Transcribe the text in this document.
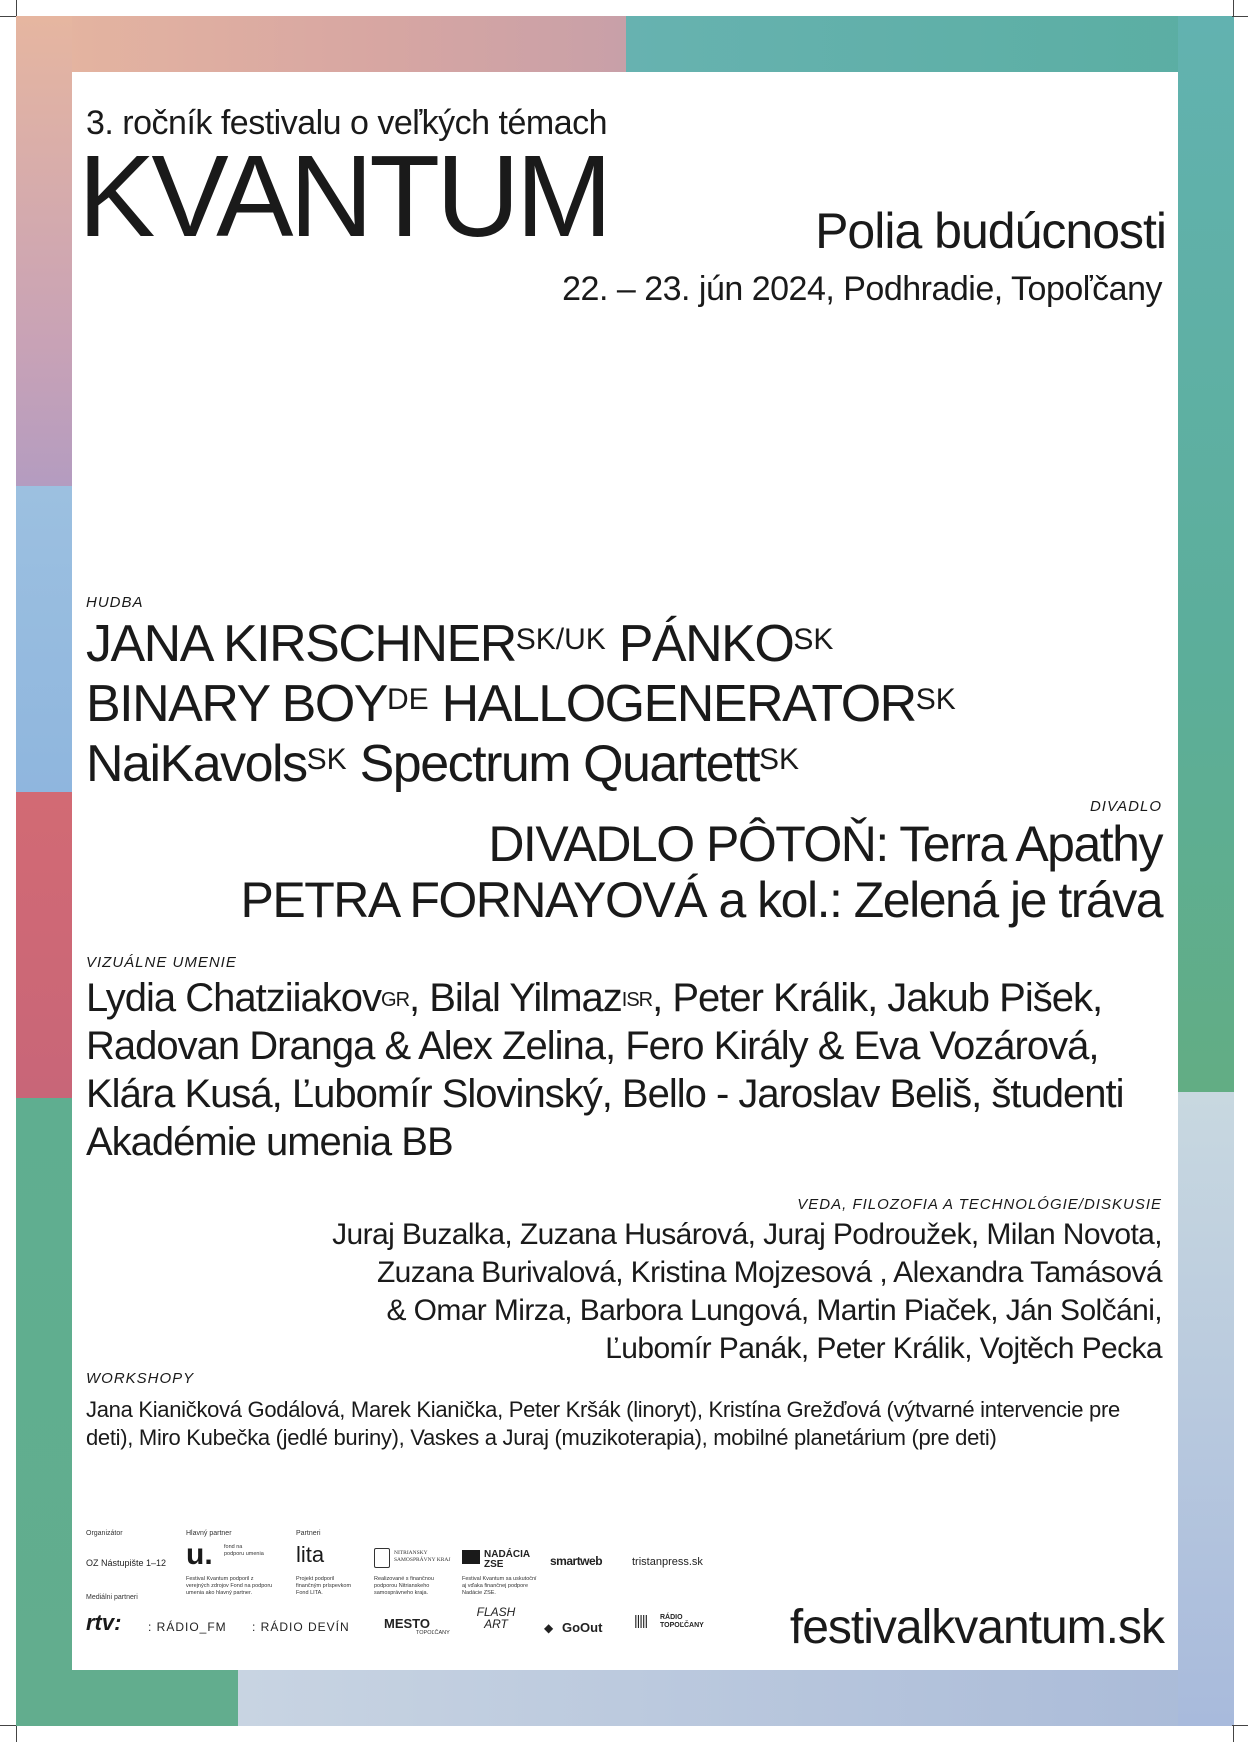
3. ročník festivalu o veľkých témach
KVANTUM	Polia budúcnosti
22. – 23. jún 2024, Podhradie, Topoľčany
HUDBA
JANA $KIRSCHNER^{SK/UK}$ $PÁNKO^{SK}$
BINARY $BOY^{DE}$ $HALLOGENERATOR^{SK}$
NaiKavols$^{SK}$ Spectrum Quartett$^{SK}$
DIVADLO
DIVADLO PÔTOŇ: Terra Apathy
PETRA FORNAYOVÁ a kol.: Zelená je tráva
VIZUÁLNE UMENIE
Lydia Chatziiakov$^{GR}$, Bilal Yilmaz$^{ISR}$, Peter Králik, Jakub Pišek, Radovan Dranga & Alex Zelina, Fero Király & Eva Vozárová, Klára Kusá, Ľubomír Slovinský, Bello - Jaroslav Beliš, študenti Akadémie umenia BB
VEDA, FILOZOFIA A TECHNOLÓGIE/DISKUSIE
Juraj Buzalka, Zuzana Husárová, Juraj Podroužek, Milan Novota,
Zuzana Burivalová, Kristina Mojzesová , Alexandra Tamásová
& Omar Mirza, Barbora Lungová, Martin Piaček, Ján Solčáni,
Ľubomír Panák, Peter Králik, Vojtěch Pecka
WORKSHOPY
Jana Kianičková Godálová, Marek Kianička, Peter Kršák (linoryt), Kristína Grežďová (výtvarné intervencie pre deti), Miro Kubečka (jedlé buriny), Vaskes a Juraj (muzikoterapia), mobilné planetárium (pre deti)
Organizátor
OZ Nástupište 1–12
Hlavný partner
u. fond na podporu umenia
Festival Kvantum podporil z verejných zdrojov Fond na podporu umenia ako hlavný partner.
Partneri
lita
Projekt podporil finančným príspevkom Fond LITA.
NITRIANSKY SAMOSPRÁVNY KRAJ
Realizované s finančnou podporou Nitrianskeho samosprávneho kraja.
NADÁCIA ZSE
Festival Kvantum sa uskutoční aj vďaka finančnej podpore Nadácie ZSE.
smartweb	tristanpress.sk
Mediálni partneri
rtv: : RÁDIO_FM : RÁDIO DEVÍN	MESTO
TOPOĽČANY
FLASH ART	◆ GoOut ||||| RÁDIO TOPOĽČANY festivalkvantum.sk
